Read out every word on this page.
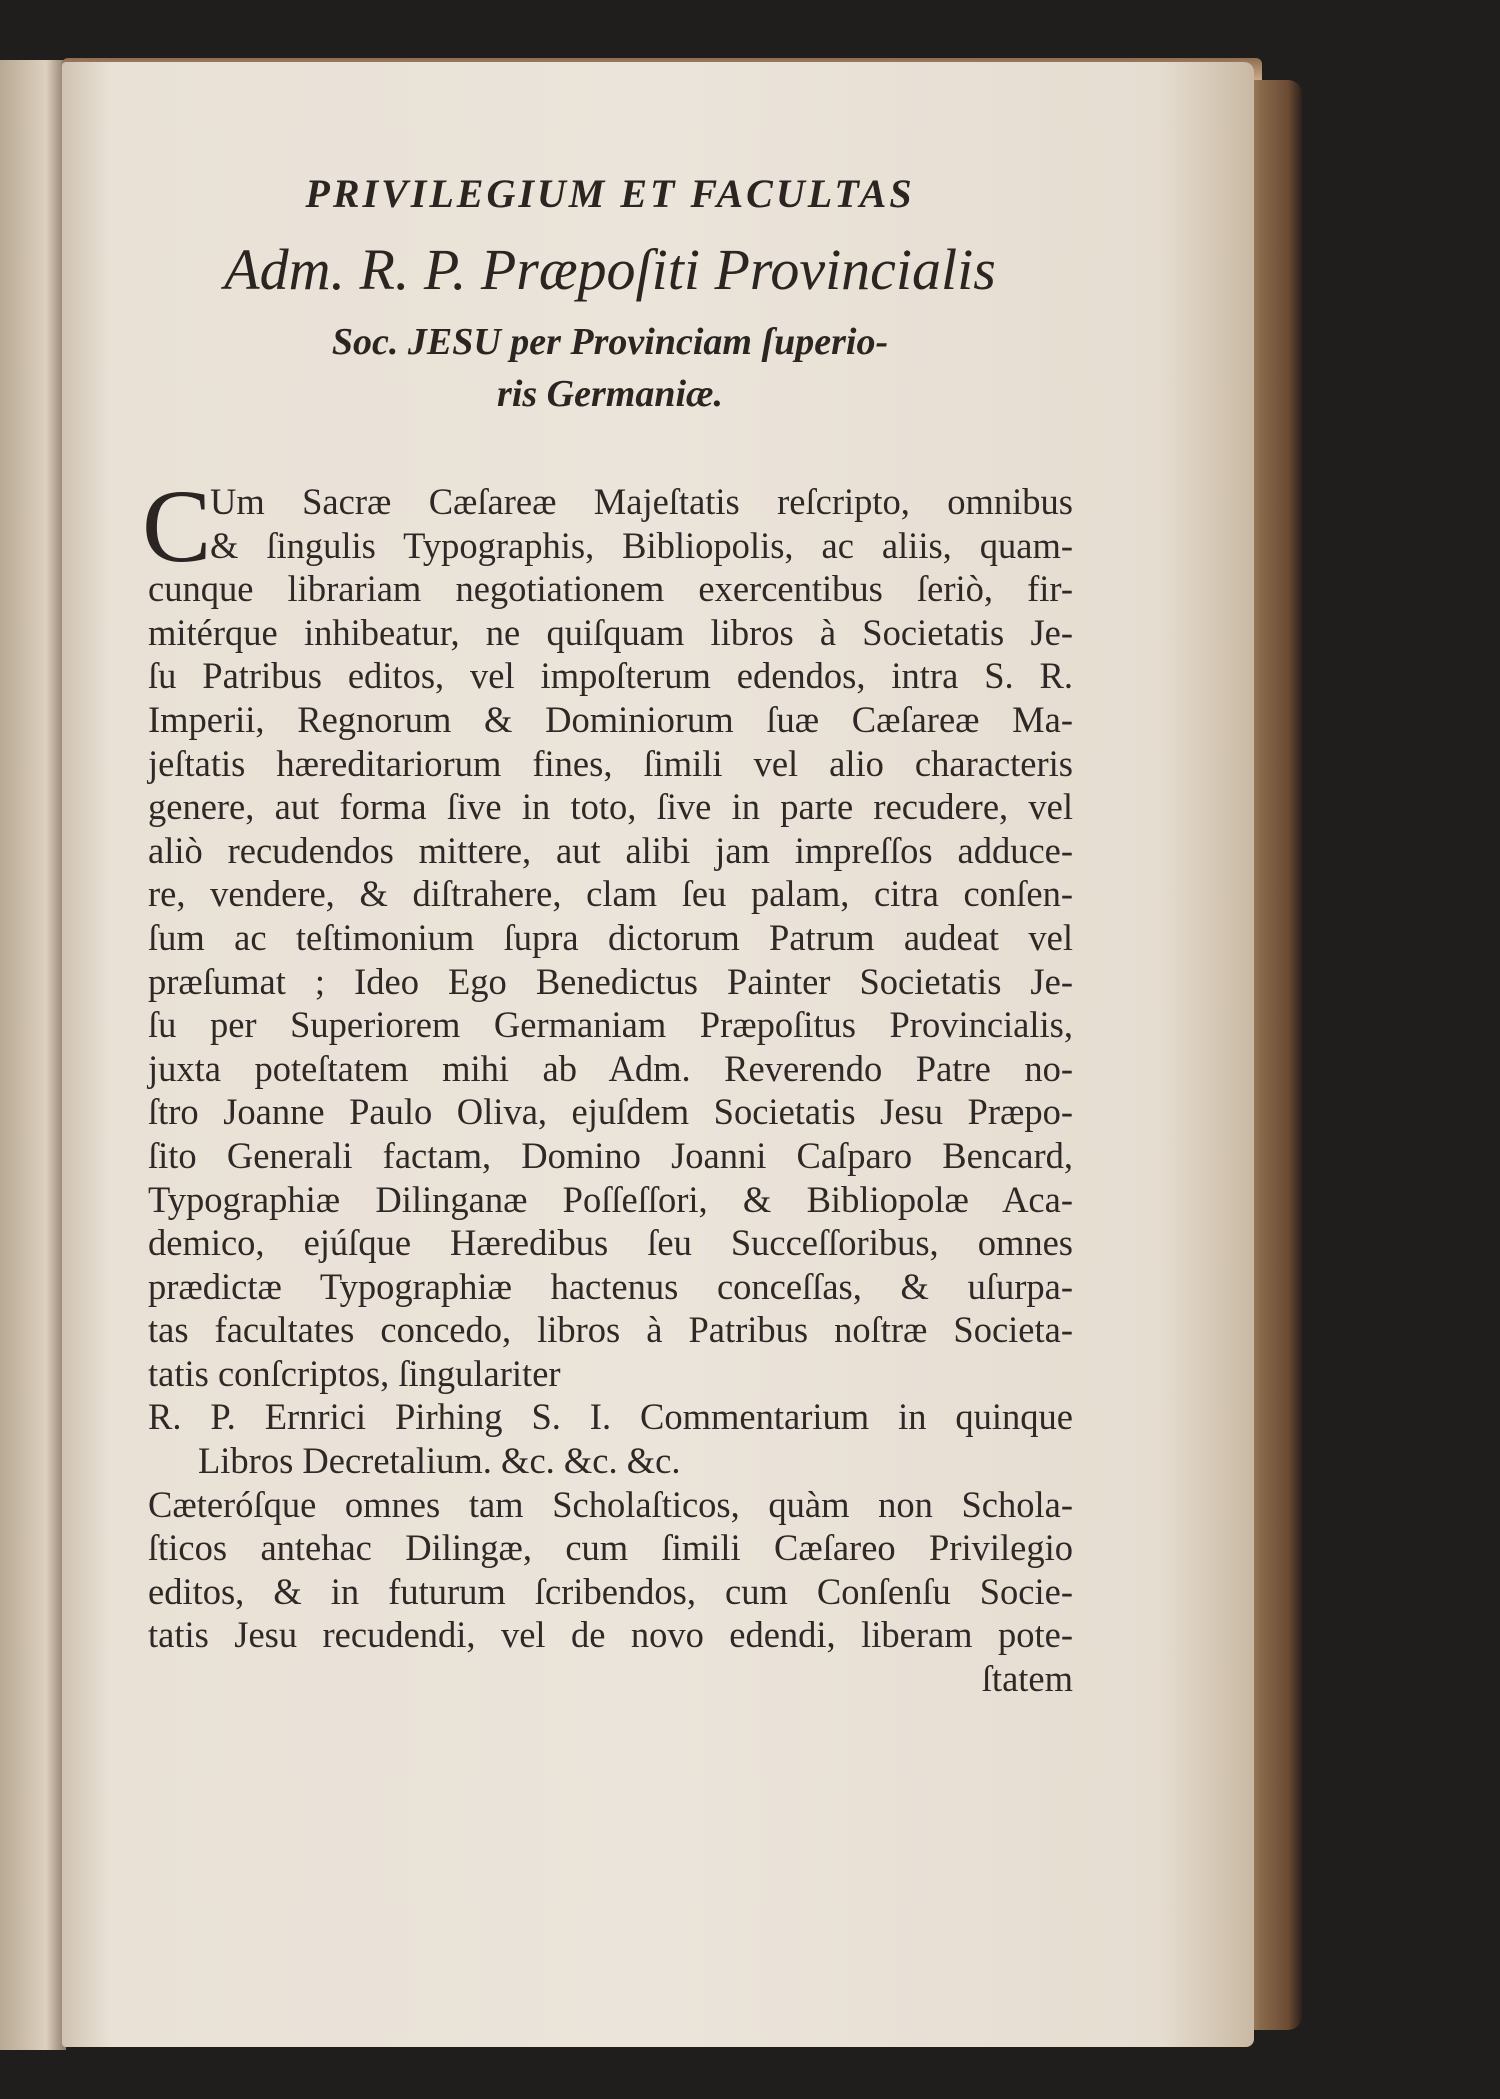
PRIVILEGIUM ET FACULTAS
Adm. R. P. Præpoſiti Provincialis
Soc. JESU per Provinciam ſuperio-
ris Germaniæ.
C
Um Sacræ Cæſareæ Majeſtatis reſcripto, omnibus
& ſingulis Typographis, Bibliopolis, ac aliis, quam-
cunque librariam negotiationem exercentibus ſeriò, fir-
mitérque inhibeatur, ne quiſquam libros à Societatis Je-
ſu Patribus editos, vel impoſterum edendos, intra S. R.
Imperii, Regnorum & Dominiorum ſuæ Cæſareæ Ma-
jeſtatis hæreditariorum fines, ſimili vel alio characteris
genere, aut forma ſive in toto, ſive in parte recudere, vel
aliò recudendos mittere, aut alibi jam impreſſos adduce-
re, vendere, & diſtrahere, clam ſeu palam, citra conſen-
ſum ac teſtimonium ſupra dictorum Patrum audeat vel
præſumat ; Ideo Ego Benedictus Painter Societatis Je-
ſu per Superiorem Germaniam Præpoſitus Provincialis,
juxta poteſtatem mihi ab Adm. Reverendo Patre no-
ſtro Joanne Paulo Oliva, ejuſdem Societatis Jesu Præpo-
ſito Generali factam, Domino Joanni Caſparo Bencard,
Typographiæ Dilinganæ Poſſeſſori, & Bibliopolæ Aca-
demico, ejúſque Hæredibus ſeu Succeſſoribus, omnes
prædictæ Typographiæ hactenus conceſſas, & uſurpa-
tas facultates concedo, libros à Patribus noſtræ Societa-
tatis conſcriptos, ſingulariter
R. P. Ernrici Pirhing S. I. Commentarium in quinque
Libros Decretalium. &c. &c. &c.
Cæteróſque omnes tam Scholaſticos, quàm non Schola-
ſticos antehac Dilingæ, cum ſimili Cæſareo Privilegio
editos, & in futurum ſcribendos, cum Conſenſu Socie-
tatis Jesu recudendi, vel de novo edendi, liberam pote-
ſtatem
